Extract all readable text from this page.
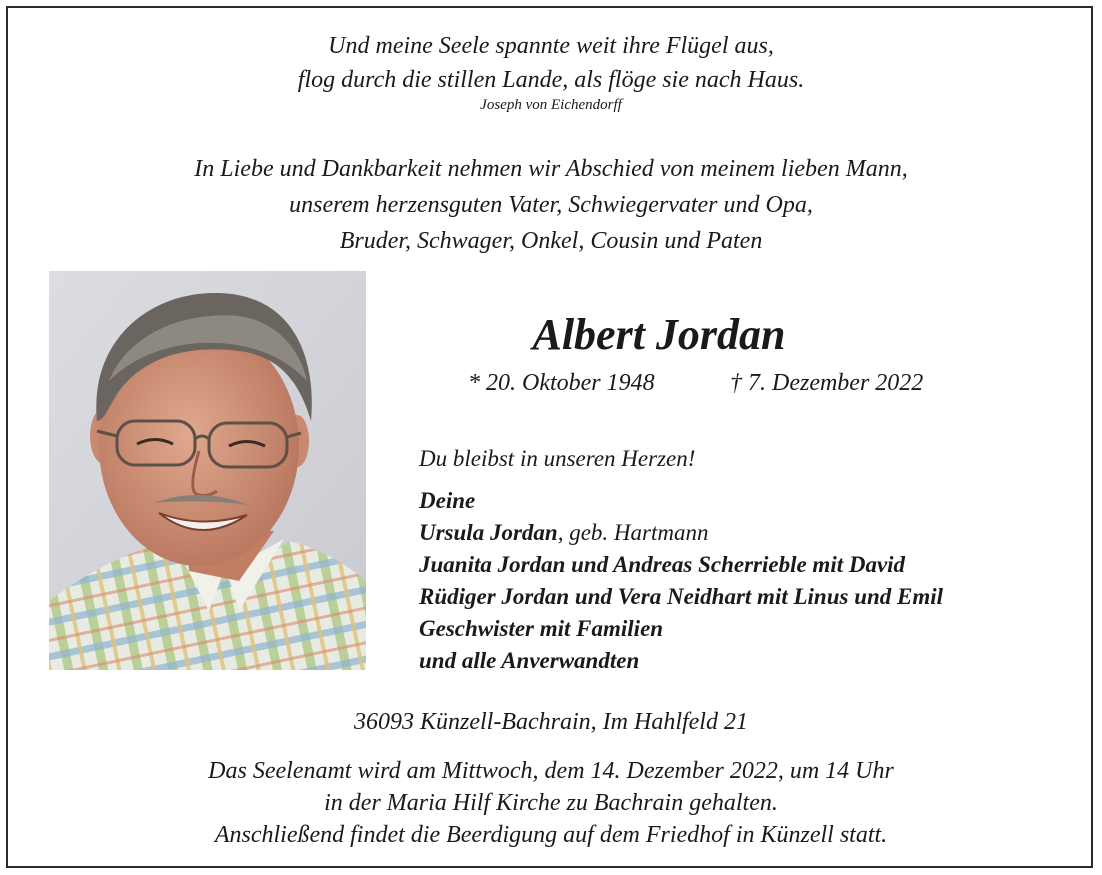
Und meine Seele spannte weit ihre Flügel aus,
flog durch die stillen Lande, als flöge sie nach Haus.
Joseph von Eichendorff
In Liebe und Dankbarkeit nehmen wir Abschied von meinem lieben Mann,
unserem herzensguten Vater, Schwiegervater und Opa,
Bruder, Schwager, Onkel, Cousin und Paten
Albert Jordan
* 20. Oktober 1948	† 7. Dezember 2022
Du bleibst in unseren Herzen!
Deine
Ursula Jordan, geb. Hartmann
Juanita Jordan und Andreas Scherrieble mit David
Rüdiger Jordan und Vera Neidhart mit Linus und Emil
Geschwister mit Familien
und alle Anverwandten
36093 Künzell-Bachrain, Im Hahlfeld 21
Das Seelenamt wird am Mittwoch, dem 14. Dezember 2022, um 14 Uhr
in der Maria Hilf Kirche zu Bachrain gehalten.
Anschließend findet die Beerdigung auf dem Friedhof in Künzell statt.
